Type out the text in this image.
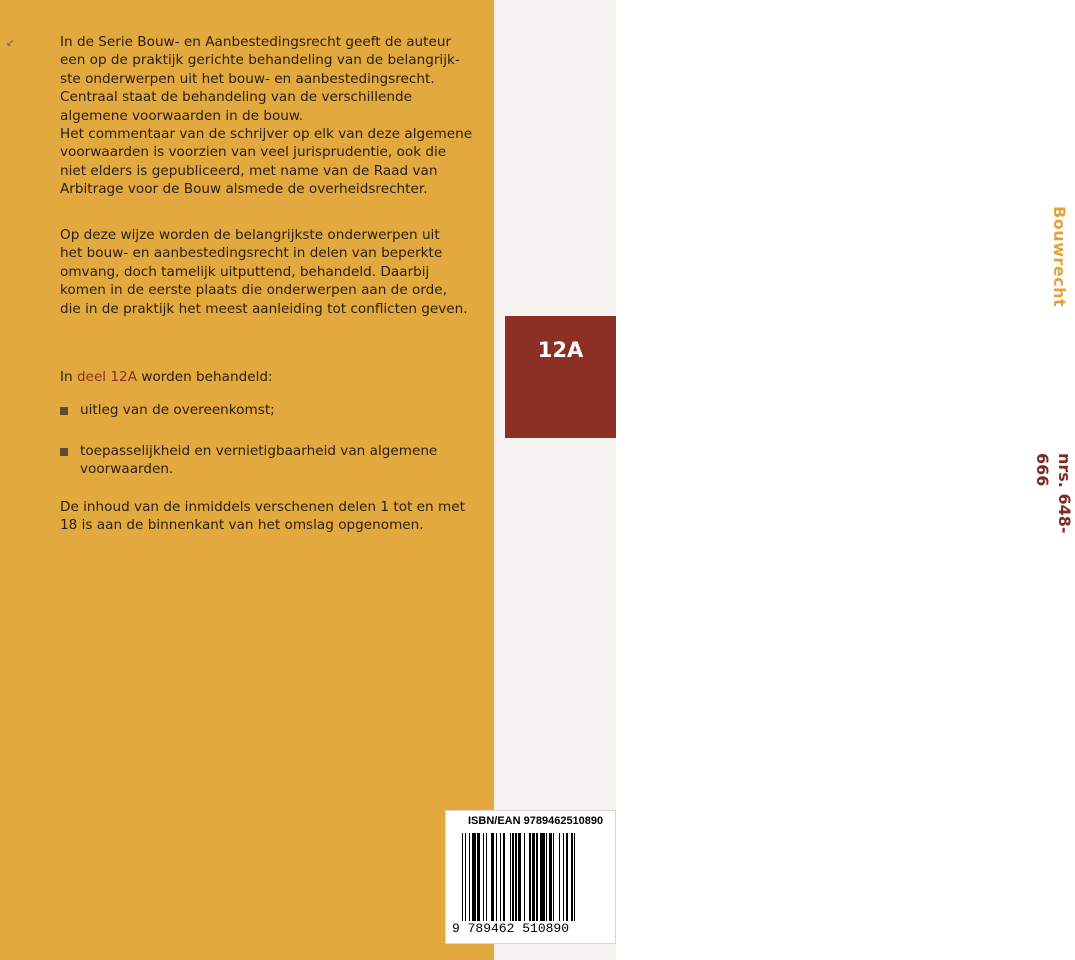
↙	In de Serie Bouw- en Aanbestedingsrecht geeft de auteur

een op de praktijk gerichte behandeling van de belangrijk-

ste onderwerpen uit het bouw- en aanbestedingsrecht.

Centraal staat de behandeling van de verschillende

algemene voorwaarden in de bouw.

Het commentaar van de schrijver op elk van deze algemene

voorwaarden is voorzien van veel jurisprudentie, ook die

niet elders is gepubliceerd, met name van de Raad van

Arbitrage voor de Bouw alsmede de overheidsrechter.

Op deze wijze worden de belangrijkste onderwerpen uit

het bouw- en aanbestedingsrecht in delen van beperkte

omvang, doch tamelijk uitputtend, behandeld. Daarbij

komen in de eerste plaats die onderwerpen aan de orde,

die in de praktijk het meest aanleiding tot conflicten geven.

In deel 12A worden behandeld:

uitleg van de overeenkomst;
toepasselijkheid en vernietigbaarheid van algemene voorwaarden.

De inhoud van de inmiddels verschenen delen 1 tot en met 18 is aan de binnenkant van het omslag opgenomen.

Bouwrecht
nrs. 648-666
12A
ISBN/EAN 9789462510890
9 789462 510890
